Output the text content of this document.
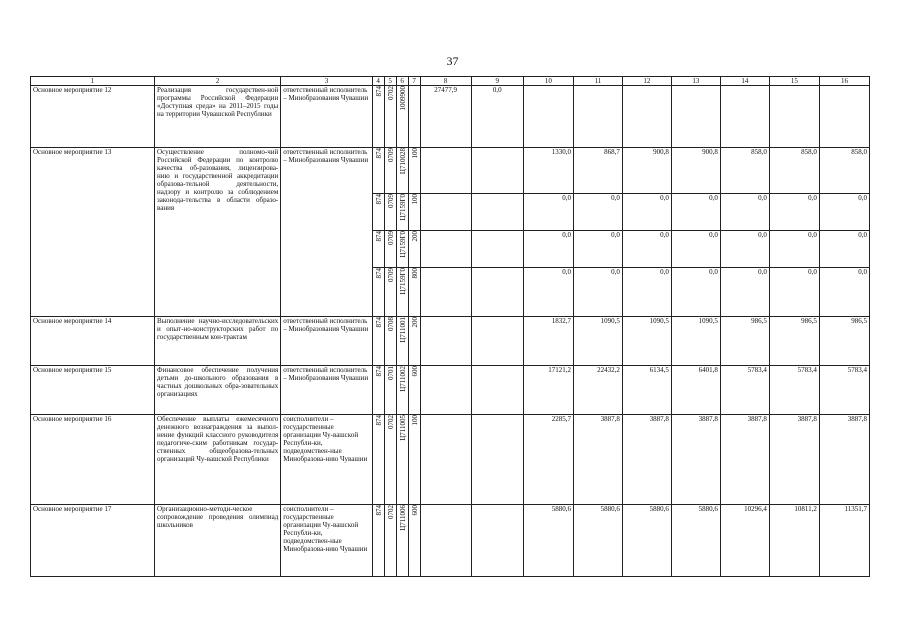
37
1	2	3	4	5	6	7	8	9	10	11	12	13	14	15	16
Основное мероприятие 12	Реализация государствен-ной программы Российской Федерации «Доступная среда» на 2011–2015 годы на территории Чувашской Республики	ответственный исполнитель – Минобразования Чувашии	874	0702	1009900		27477,9	0,0							
Основное мероприятие 13	Осуществление полномо-чий Российской Федерации по контролю качества об-разования, лицензирова-нию и государственной аккредитации образова-тельной деятельности, надзору и контролю за соблюдением законода-тельства в области образо-вания	ответственный исполнитель – Минобразования Чувашии	874	0709	Ц710028	100			1330,0	868,7	900,8	900,8	858,0	858,0	858,0

			874	0709	Ц7159Г0	100			0,0	0,0	0,0	0,0	0,0	0,0	0,0

			874	0709	Ц7159Г0	200			0,0	0,0	0,0	0,0	0,0	0,0	0,0

			874	0709	Ц7159Г0	800			0,0	0,0	0,0	0,0	0,0	0,0	0,0
Основное мероприятие 14	Выполнение научно-исследовательских и опыт-но-конструкторских работ по государственным кон-трактам	ответственный исполнитель – Минобразования Чувашии	874	0708	Ц711001	200			1832,7	1090,5	1090,5	1090,5	986,5	986,5	986,5
Основное мероприятие 15	Финансовое обеспечение получения детьми до-школьного образования в частных дошкольных обра-зовательных организациях	ответственный исполнитель – Минобразования Чувашии	874	0701	Ц711002	600			17121,2	22432,2	6134,5	6401,8	5783,4	5783,4	5783,4
Основное мероприятие 16	Обеспечение выплаты ежемесячного денежного вознаграждения за выпол-нение функций классного руководителя педагогиче-ским работникам государ-ственных общеобразова-тельных организаций Чу-вашской Республики	соисполнители – государственные организации Чу-вашской Республи-ки, подведомствен-ные Минобразова-нию Чувашии	874	0702	Ц711005	100			2285,7	3887,8	3887,8	3887,8	3887,8	3887,8	3887,8
Основное мероприятие 17	Организационно-методи-ческое сопровождение проведения олимпиад школьников	соисполнители – государственные организации Чу-вашской Республи-ки, подведомствен-ные Минобразова-нию Чувашии	874	0702	Ц711006	600			5880,6	5880,6	5880,6	5880,6	10296,4	10811,2	11351,7
